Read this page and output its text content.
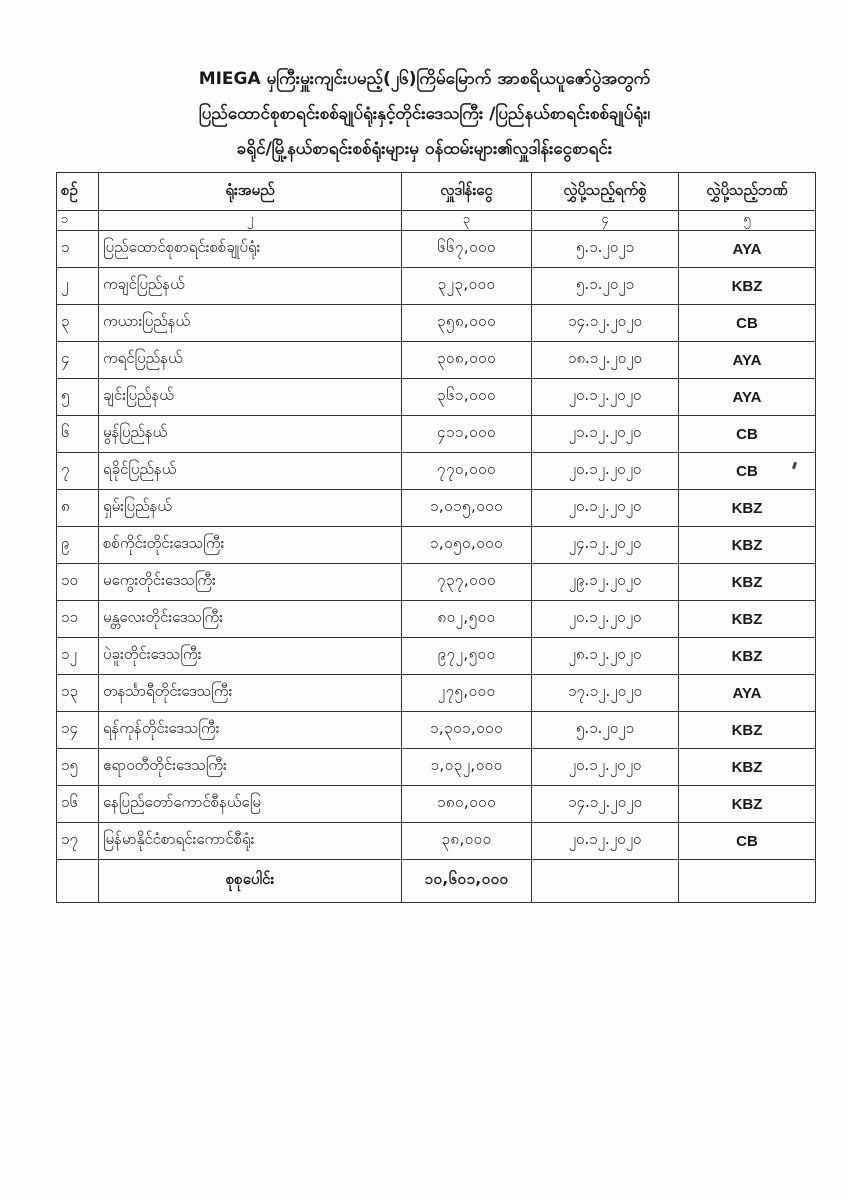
MIEGA မှကြီးမှူးကျင်းပမည့်(၂၆)ကြိမ်မြောက် အာစရိယပူဇော်ပွဲအတွက်
ပြည်ထောင်စုစာရင်းစစ်ချုပ်ရုံးနှင့်တိုင်းဒေသကြီး /ပြည်နယ်စာရင်းစစ်ချုပ်ရုံး၊
ခရိုင်/မြို့နယ်စာရင်းစစ်ရုံးများမှ ဝန်ထမ်းများ၏လှူဒါန်းငွေစာရင်း
စဉ်	ရုံးအမည်	လှူဒါန်းငွေ	လွှဲပို့သည့်ရက်စွဲ	လွှဲပို့သည့်ဘဏ်
၁	၂	၃	၄	၅
၁	ပြည်ထောင်စုစာရင်းစစ်ချုပ်ရုံး	၆၆၇,၀၀၀	၅.၁.၂၀၂၁	AYA
၂	ကချင်ပြည်နယ်	၃၂၃,၀၀၀	၅.၁.၂၀၂၁	KBZ
၃	ကယားပြည်နယ်	၃၅၈,၀၀၀	၁၄.၁၂.၂၀၂၀	CB
၄	ကရင်ပြည်နယ်	၃၀၈,၀၀၀	၁၈.၁၂.၂၀၂၀	AYA
၅	ချင်းပြည်နယ်	၃၆၁,၀၀၀	၂၀.၁၂.၂၀၂၀	AYA
၆	မွန်ပြည်နယ်	၄၁၁,၀၀၀	၂၁.၁၂.၂၀၂၀	CB
၇	ရခိုင်ပြည်နယ်	၇၇၀,၀၀၀	၂၀.၁၂.၂၀၂၀	CB
၈	ရှမ်းပြည်နယ်	၁,၀၁၅,၀၀၀	၂၀.၁၂.၂၀၂၀	KBZ
၉	စစ်ကိုင်းတိုင်းဒေသကြီး	၁,၀၅၀,၀၀၀	၂၄.၁၂.၂၀၂၀	KBZ
၁၀	မကွေးတိုင်းဒေသကြီး	၇၃၇,၀၀၀	၂၉.၁၂.၂၀၂၀	KBZ
၁၁	မန္တလေးတိုင်းဒေသကြီး	၈၀၂,၅၀၀	၂၀.၁၂.၂၀၂၀	KBZ
၁၂	ပဲခူးတိုင်းဒေသကြီး	၉၇၂,၅၀၀	၂၈.၁၂.၂၀၂၀	KBZ
၁၃	တနင်္သာရီတိုင်းဒေသကြီး	၂၇၅,၀၀၀	၁၇.၁၂.၂၀၂၀	AYA
၁၄	ရန်ကုန်တိုင်းဒေသကြီး	၁,၃၀၁,၀၀၀	၅.၁.၂၀၂၁	KBZ
၁၅	ဧရာဝတီတိုင်းဒေသကြီး	၁,၀၃၂,၀၀၀	၂၀.၁၂.၂၀၂၀	KBZ
၁၆	နေပြည်တော်ကောင်စီနယ်မြေ	၁၈၀,၀၀၀	၁၄.၁၂.၂၀၂၀	KBZ
၁၇	မြန်မာနိုင်ငံစာရင်းကောင်စီရုံး	၃၈,၀၀၀	၂၀.၁၂.၂၀၂၀	CB
	စုစုပေါင်း	၁၀,၆၀၁,၀၀၀		
